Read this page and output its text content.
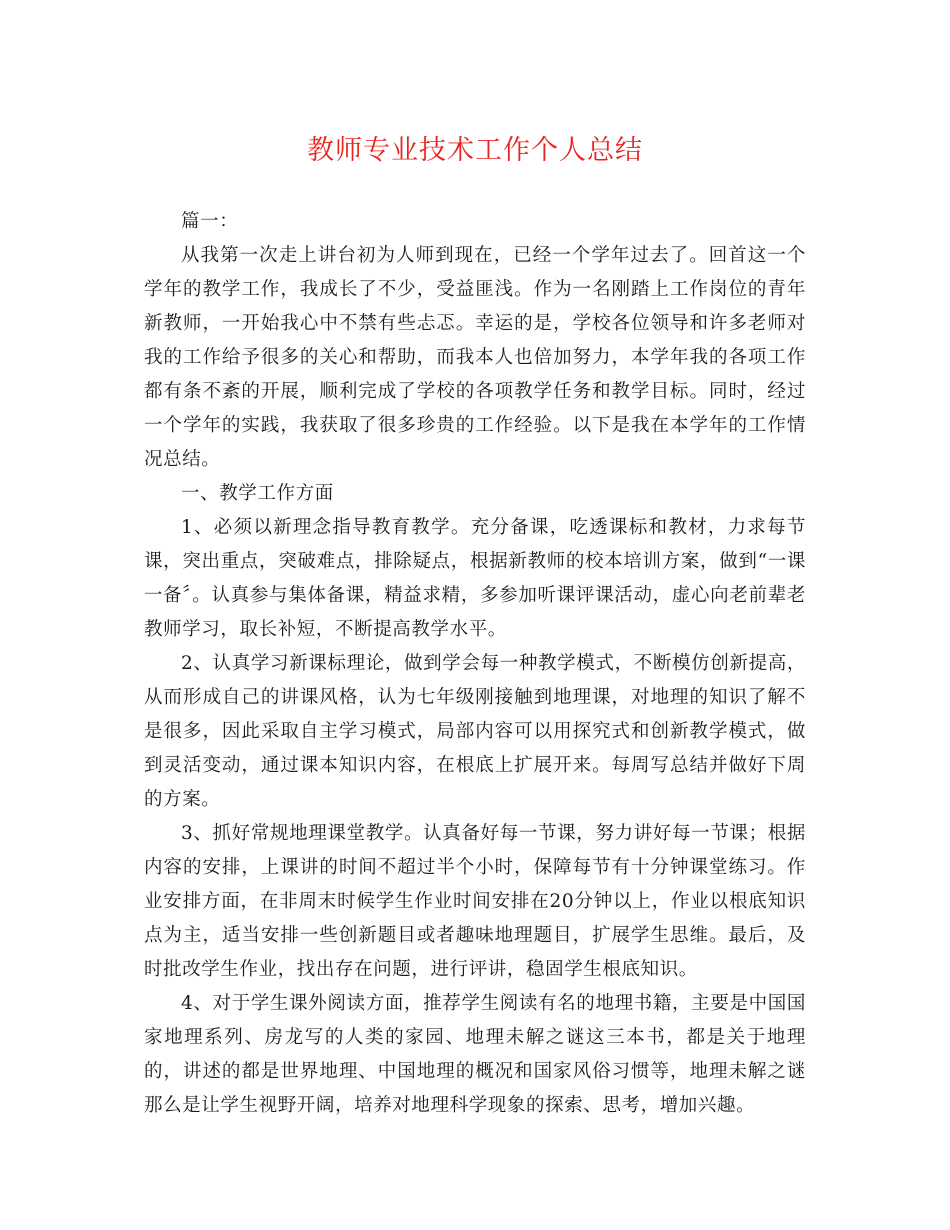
教师专业技术工作个人总结

篇一：

从我第一次走上讲台初为人师到现在，已经一个学年过去了。回首这一个学年的教学工作，我成长了不少，受益匪浅。作为一名刚踏上工作岗位的青年新教师，一开始我心中不禁有些忐忑。幸运的是，学校各位领导和许多老师对我的工作给予很多的关心和帮助，而我本人也倍加努力，本学年我的各项工作都有条不紊的开展，顺利完成了学校的各项教学任务和教学目标。同时，经过一个学年的实践，我获取了很多珍贵的工作经验。以下是我在本学年的工作情况总结。

一、教学工作方面

1、必须以新理念指导教育教学。充分备课，吃透课标和教材，力求每节课，突出重点，突破难点，排除疑点，根据新教师的校本培训方案，做到“一课一备〞。认真参与集体备课，精益求精，多参加听课评课活动，虚心向老前辈老教师学习，取长补短，不断提高教学水平。

2、认真学习新课标理论，做到学会每一种教学模式，不断模仿创新提高，从而形成自己的讲课风格，认为七年级刚接触到地理课，对地理的知识了解不是很多，因此采取自主学习模式，局部内容可以用探究式和创新教学模式，做到灵活变动，通过课本知识内容，在根底上扩展开来。每周写总结并做好下周的方案。

3、抓好常规地理课堂教学。认真备好每一节课，努力讲好每一节课；根据内容的安排，上课讲的时间不超过半个小时，保障每节有十分钟课堂练习。作业安排方面，在非周末时候学生作业时间安排在20分钟以上，作业以根底知识点为主，适当安排一些创新题目或者趣味地理题目，扩展学生思维。最后，及时批改学生作业，找出存在问题，进行评讲，稳固学生根底知识。

4、对于学生课外阅读方面，推荐学生阅读有名的地理书籍，主要是中国国家地理系列、房龙写的人类的家园、地理未解之谜这三本书，都是关于地理的，讲述的都是世界地理、中国地理的概况和国家风俗习惯等，地理未解之谜那么是让学生视野开阔，培养对地理科学现象的探索、思考，增加兴趣。
